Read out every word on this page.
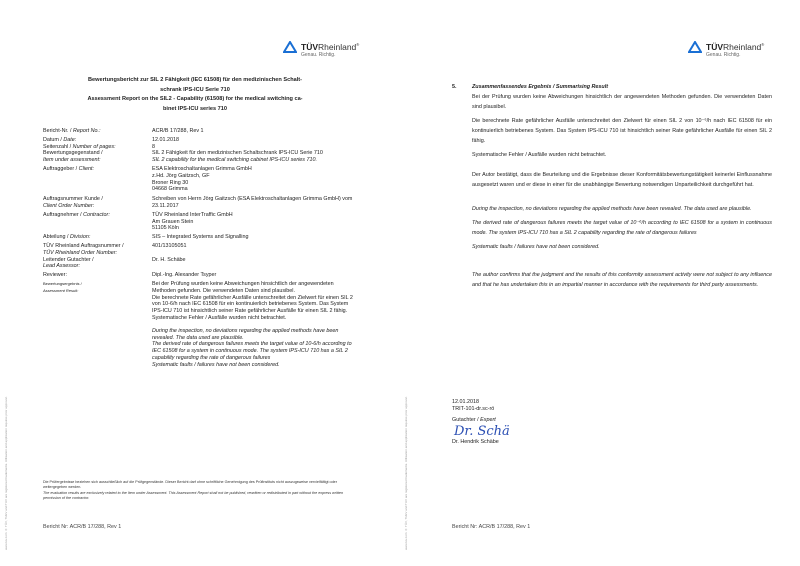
www.tuv.com ® TÜV, TUEV and TUV are registered trademarks. Utilisation and application requires prior approval.
TÜVRheinland®
Genau. Richtig.
Bewertungsbericht zur SIL 2 Fähigkeit (IEC 61508) für den medizinischen Schalt-
schrank IPS-ICU Serie 710
Assessment Report on the SIL2 - Capability (61508) for the medical switching ca-
binet IPS-ICU series 710
Bericht-Nr. / Report No.:	ACR/B 17/288, Rev 1
Datum / Date:	12.01.2018
Seitenzahl / Number of pages:	8
Bewertungsgegenstand /
Item under assessment:
SIL 2 Fähigkeit für den medizinischen Schaltschrank IPS-ICU Serie 710
SIL 2 capability for the medical switching cabinet IPS-ICU series 710.
Auftraggeber / Client:	ESA Elektroschaltanlagen Grimma GmbH
z.Hd. Jörg Gaitzsch, GF
Broner Ring 30
04668 Grimma
Auftragsnummer Kunde /
Client Order Number:
Schreiben von Herrn Jörg Gaitzsch (ESA Elektroschaltanlagen Grimma GmbH) vom 23.11.2017
Auftragnehmer / Contractor:	TÜV Rheinland InterTraffic GmbH
Am Grauen Stein
51105 Köln
Abteilung / Division:	SIS – Integrated Systems and Signalling
TÜV Rheinland Auftragsnummer /
TÜV Rheinland Order Number:
401/13105051
Leitender Gutachter /
Lead Assessor:
Dr. H. Schäbe
Reviewer:	Dipl.-Ing. Alexander Tsyper
Bewertungsergebnis /
Assessment Result:
Bei der Prüfung wurden keine Abweichungen hinsichtlich der angewendeten Methoden gefunden. Die verwendeten Daten sind plausibel.
Die berechnete Rate gefährlicher Ausfälle unterschreitet den Zielwert für einen SIL 2 von 10-6/h nach IEC 61508 für ein kontinuierlich betriebenes System. Das System IPS-ICU 710 ist hinsichtlich seiner Rate gefährlicher Ausfälle für einen SIL 2 fähig.
Systematische Fehler / Ausfälle wurden nicht betrachtet.
During the inspection, no deviations regarding the applied methods have been revealed. The data used are plausible.
The derived rate of dangerous failures meets the target value of 10-6/h according to IEC 61508 for a system in continuous mode. The system IPS-ICU 710 has a SIL 2 capability regarding the rate of dangerous failures
Systematic faults / failures have not been considered.
Die Prüfergebnisse beziehen sich ausschließlich auf die Prüfgegenstände. Dieser Bericht darf ohne schriftliche Genehmigung des Prüfinstituts nicht auszugsweise vervielfältigt oder weitergegeben werden.
The evaluation results are exclusively related to the Item under Assessment. This Assessment Report shall not be published, rewritten or redistributed in part without the express written permission of the contractor.
Bericht Nr: ACR/B 17/288, Rev 1	www.tuv.com ® TÜV, TUEV and TUV are registered trademarks. Utilisation and application requires prior approval.
TÜVRheinland®
Genau. Richtig.
5.	Zusammenfassendes Ergebnis / Summarising Result

Bei der Prüfung wurden keine Abweichungen hinsichtlich der angewendeten Methoden gefunden. Die verwendeten Daten sind plausibel.

Die berechnete Rate gefährlicher Ausfälle unterschreitet den Zielwert für einen SIL 2 von 10⁻⁶/h nach IEC 61508 für ein kontinuierlich betriebenes System. Das System IPS-ICU 710 ist hinsichtlich seiner Rate gefährlicher Ausfälle für einen SIL 2 fähig.

Systematische Fehler / Ausfälle wurden nicht betrachtet.

Der Autor bestätigt, dass die Beurteilung und die Ergebnisse dieser Konformitätsbewertungstätigkeit keinerlei Einflussnahme ausgesetzt waren und er diese in einer für die unabhängige Bewertung notwendigen Unparteilichkeit durchgeführt hat.

During the inspection, no deviations regarding the applied methods have been revealed. The data used are plausible.

The derived rate of dangerous failures meets the target value of 10⁻⁶/h according to IEC 61508 for a system in continuous mode. The system IPS-ICU 710 has a SIL 2 capability regarding the rate of dangerous failures

Systematic faults / failures have not been considered.

The author confirms that the judgment and the results of this conformity assessment activity were not subject to any influence and that he has undertaken this in an impartial manner in accordance with the requirements for third party assessments.

12.01.2018
TRIT-101-dr.sc-rö
Gutachter / Expert
Dr. Schä
Dr. Hendrik Schäbe
Bericht Nr: ACR/B 17/288, Rev 1
